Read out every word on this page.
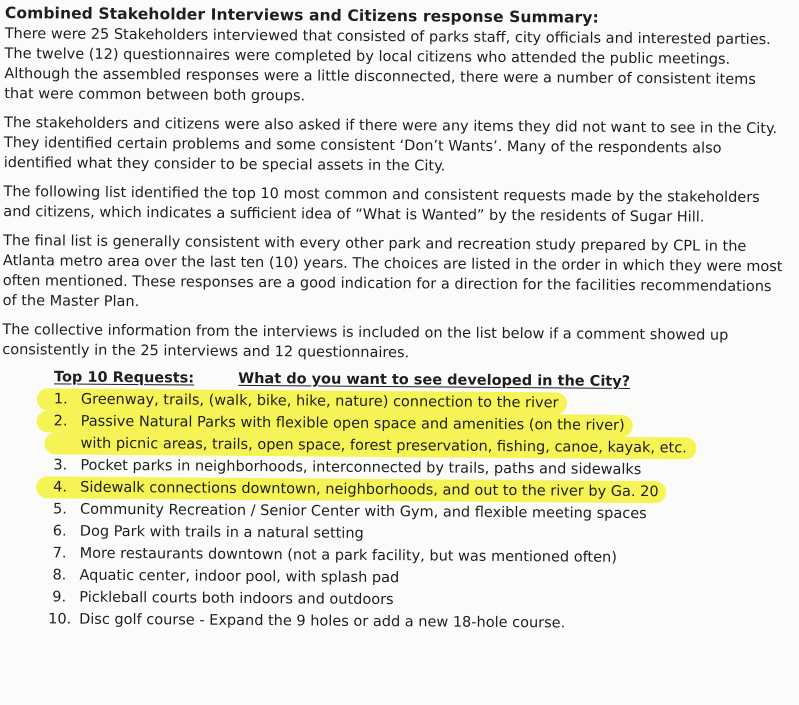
Combined Stakeholder Interviews and Citizens response Summary:

There were 25 Stakeholders interviewed that consisted of parks staff, city officials and interested parties. The twelve (12) questionnaires were completed by local citizens who attended the public meetings. Although the assembled responses were a little disconnected, there were a number of consistent items that were common between both groups.

The stakeholders and citizens were also asked if there were any items they did not want to see in the City. They identified certain problems and some consistent ‘Don’t Wants’. Many of the respondents also identified what they consider to be special assets in the City.

The following list identified the top 10 most common and consistent requests made by the stakeholders and citizens, which indicates a sufficient idea of “What is Wanted” by the residents of Sugar Hill.

The final list is generally consistent with every other park and recreation study prepared by CPL in the Atlanta metro area over the last ten (10) years. The choices are listed in the order in which they were most often mentioned. These responses are a good indication for a direction for the facilities recommendations of the Master Plan.

The collective information from the interviews is included on the list below if a comment showed up consistently in the 25 interviews and 12 questionnaires.

Top 10 Requests:	What do you want to see developed in the City?
1. Greenway, trails, (walk, bike, hike, nature) connection to the river
2. Passive Natural Parks with flexible open space and amenities (on the river)
with picnic areas, trails, open space, forest preservation, fishing, canoe, kayak, etc.
3. Pocket parks in neighborhoods, interconnected by trails, paths and sidewalks
4. Sidewalk connections downtown, neighborhoods, and out to the river by Ga. 20
5. Community Recreation / Senior Center with Gym, and flexible meeting spaces
6. Dog Park with trails in a natural setting
7. More restaurants downtown (not a park facility, but was mentioned often)
8. Aquatic center, indoor pool, with splash pad
9. Pickleball courts both indoors and outdoors
10. Disc golf course - Expand the 9 holes or add a new 18-hole course.
